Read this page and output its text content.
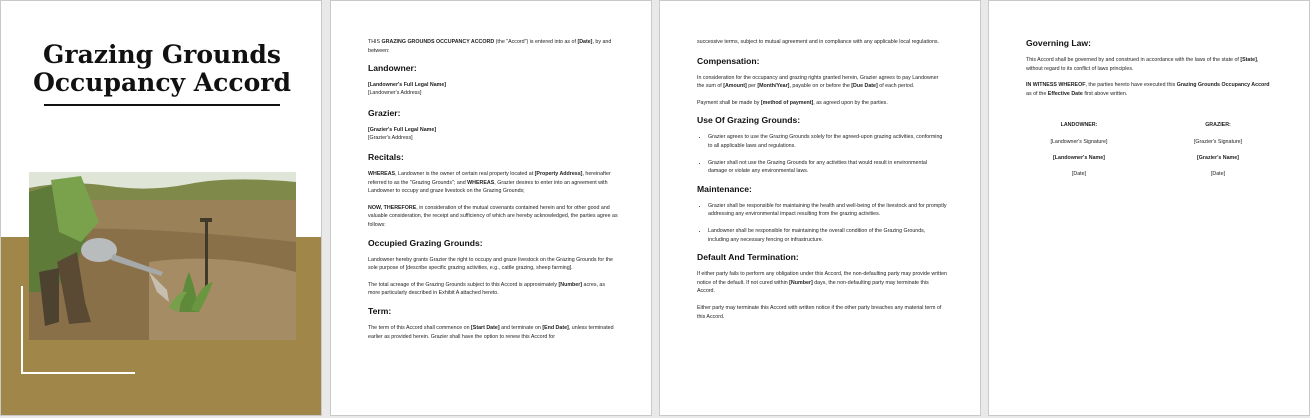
Grazing Grounds
Occupancy Accord

THIS GRAZING GROUNDS OCCUPANCY ACCORD (the "Accord") is entered into as of [Date], by and between:

Landowner:

[Landowner's Full Legal Name]

[Landowner's Address]

Grazier:

[Grazier's Full Legal Name]

[Grazier's Address]

Recitals:

WHEREAS, Landowner is the owner of certain real property located at [Property Address], hereinafter referred to as the "Grazing Grounds"; and WHEREAS, Grazier desires to enter into an agreement with Landowner to occupy and graze livestock on the Grazing Grounds;

NOW, THEREFORE, in consideration of the mutual covenants contained herein and for other good and valuable consideration, the receipt and sufficiency of which are hereby acknowledged, the parties agree as follows:

Occupied Grazing Grounds:

Landowner hereby grants Grazier the right to occupy and graze livestock on the Grazing Grounds for the sole purpose of [describe specific grazing activities, e.g., cattle grazing, sheep farming].

The total acreage of the Grazing Grounds subject to this Accord is approximately [Number] acres, as more particularly described in Exhibit A attached hereto.

Term:

The term of this Accord shall commence on [Start Date] and terminate on [End Date], unless terminated earlier as provided herein. Grazier shall have the option to renew this Accord for

successive terms, subject to mutual agreement and in compliance with any applicable local regulations.

Compensation:

In consideration for the occupancy and grazing rights granted herein, Grazier agrees to pay Landowner the sum of [Amount] per [Month/Year], payable on or before the [Due Date] of each period.

Payment shall be made by [method of payment], as agreed upon by the parties.

Use Of Grazing Grounds:
• Grazier agrees to use the Grazing Grounds solely for the agreed-upon grazing activities, conforming to all applicable laws and regulations.
• Grazier shall not use the Grazing Grounds for any activities that would result in environmental damage or violate any environmental laws.
Maintenance:
• Grazier shall be responsible for maintaining the health and well-being of the livestock and for promptly addressing any environmental impact resulting from the grazing activities.
• Landowner shall be responsible for maintaining the overall condition of the Grazing Grounds, including any necessary fencing or infrastructure.
Default And Termination:

If either party fails to perform any obligation under this Accord, the non-defaulting party may provide written notice of the default. If not cured within [Number] days, the non-defaulting party may terminate this Accord.

Either party may terminate this Accord with written notice if the other party breaches any material term of this Accord.

Governing Law:

This Accord shall be governed by and construed in accordance with the laws of the state of [State], without regard to its conflict of laws principles.

IN WITNESS WHEREOF, the parties hereto have executed this Grazing Grounds Occupancy Accord as of the Effective Date first above written.

LANDOWNER:
[Landowner's Signature]
[Landowner's Name]
[Date]
GRAZIER:
[Grazier's Signature]
[Grazier's Name]
[Date]
